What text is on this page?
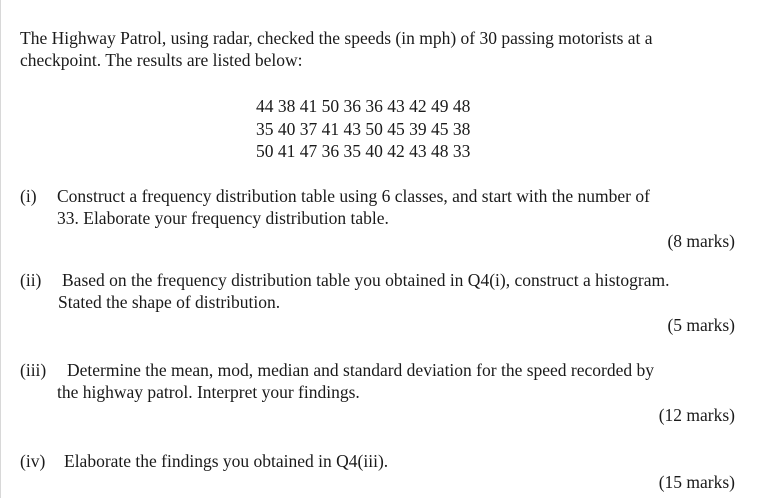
The Highway Patrol, using radar, checked the speeds (in mph) of 30 passing motorists at a
checkpoint. The results are listed below:
44 38 41 50 36 36 43 42 49 48
35 40 37 41 43 50 45 39 45 38
50 41 47 36 35 40 42 43 48 33
(i) Construct a frequency distribution table using 6 classes, and start with the number of
33. Elaborate your frequency distribution table.
(8 marks)
(ii) Based on the frequency distribution table you obtained in Q4(i), construct a histogram.
Stated the shape of distribution.
(5 marks)
(iii) Determine the mean, mod, median and standard deviation for the speed recorded by
the highway patrol. Interpret your findings.
(12 marks)
(iv) Elaborate the findings you obtained in Q4(iii).
(15 marks)
